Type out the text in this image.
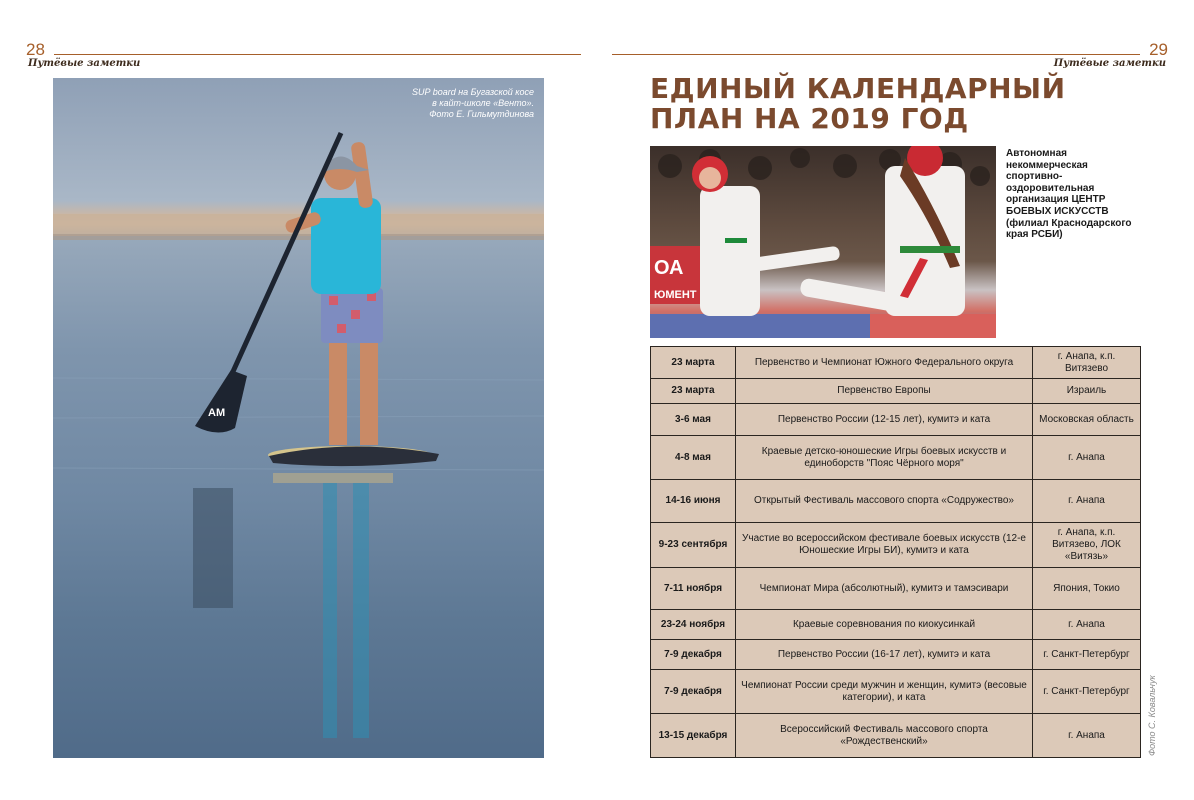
28
Путёвые заметки
29
Путёвые заметки
AM
SUP board на Бугазской косе
в кайт-школе «Венто».
Фото Е. Гильмутдинова
ЕДИНЫЙ КАЛЕНДАРНЫЙ
ПЛАН НА 2019 ГОД
ОА
ЮМЕНТ
Автономная некоммерческая спортивно-оздоровительная организация ЦЕНТР БОЕВЫХ ИСКУССТВ (филиал Краснодарского края РСБИ)
23 марта	Первенство и Чемпионат Южного Федерального округа	г. Анапа, к.п. Витязево
23 марта	Первенство Европы	Израиль
3-6 мая	Первенство России (12-15 лет), кумитэ и ката	Московская область
4-8 мая	Краевые детско-юношеские Игры боевых искусств и единоборств "Пояс Чёрного моря"	г. Анапа
14-16 июня	Открытый Фестиваль массового спорта «Содружество»	г. Анапа
9-23 сентября	Участие во всероссийском фестивале боевых искусств (12-е Юношеские Игры БИ), кумитэ и ката	г. Анапа, к.п. Витязево, ЛОК «Витязь»
7-11 ноября	Чемпионат Мира (абсолютный), кумитэ и тамэсивари	Япония, Токио
23-24 ноября	Краевые соревнования по киокусинкай	г. Анапа
7-9 декабря	Первенство России (16-17 лет), кумитэ и ката	г. Санкт-Петербург
7-9 декабря	Чемпионат России среди мужчин и женщин, кумитэ (весовые категории), и ката	г. Санкт-Петербург
13-15 декабря	Всероссийский Фестиваль массового спорта «Рождественский»	г. Анапа	Фото С. Ковальчук
